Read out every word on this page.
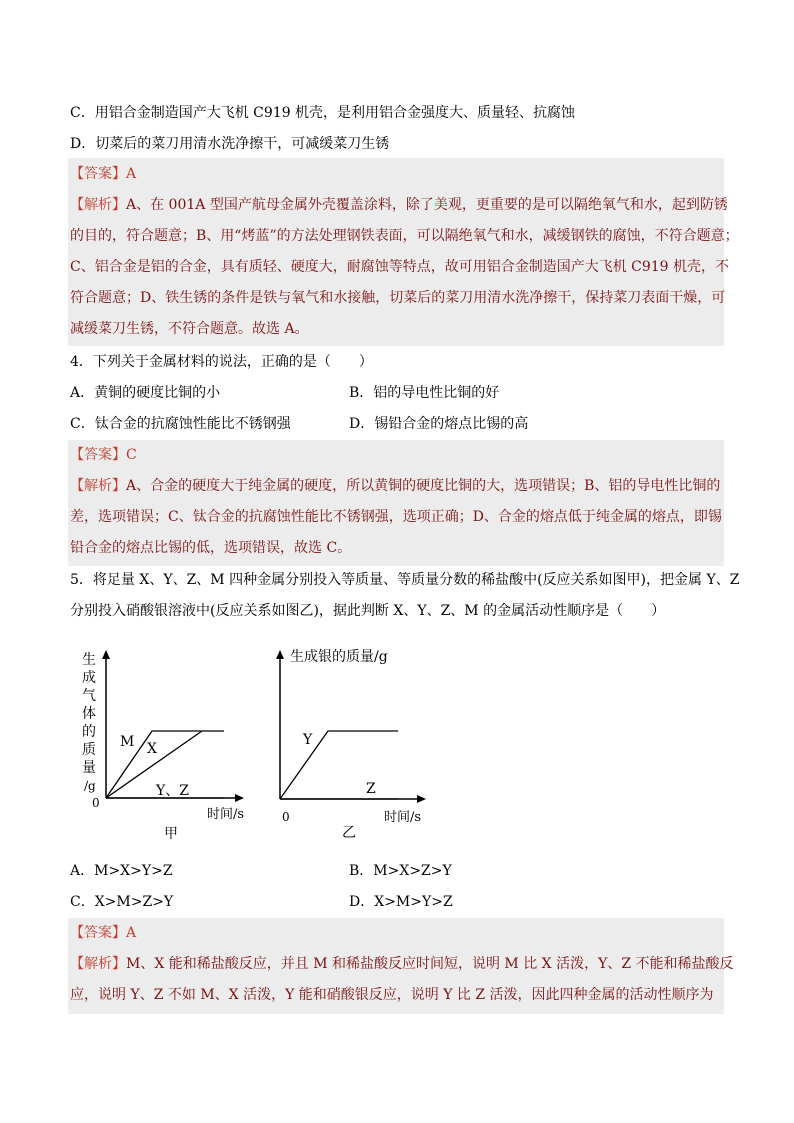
C．用铝合金制造国产大飞机 C919 机壳，是利用铝合金强度大、质量轻、抗腐蚀
D．切菜后的菜刀用清水洗净擦干，可减缓菜刀生锈
【答案】A
【解析】A、在 001A 型国产航母金属外壳覆盖涂料，除了美观，更重要的是可以隔绝氧气和水，起到防锈
的目的，符合题意；B、用“烤蓝”的方法处理钢铁表面，可以隔绝氧气和水，减缓钢铁的腐蚀，不符合题意；
C、铝合金是铝的合金，具有质轻、硬度大，耐腐蚀等特点，故可用铝合金制造国产大飞机 C919 机壳，不
符合题意；D、铁生锈的条件是铁与氧气和水接触，切菜后的菜刀用清水洗净擦干，保持菜刀表面干燥，可
减缓菜刀生锈，不符合题意。故选 A。
4．下列关于金属材料的说法，正确的是（　　）
A．黄铜的硬度比铜的小	B．铝的导电性比铜的好
C．钛合金的抗腐蚀性能比不锈钢强	D．锡铅合金的熔点比锡的高
【答案】C
【解析】A、合金的硬度大于纯金属的硬度，所以黄铜的硬度比铜的大，选项错误；B、铝的导电性比铜的
差，选项错误；C、钛合金的抗腐蚀性能比不锈钢强，选项正确；D、合金的熔点低于纯金属的熔点，即锡
铅合金的熔点比锡的低，选项错误，故选 C。
5．将足量 X、Y、Z、M 四种金属分别投入等质量、等质量分数的稀盐酸中(反应关系如图甲)，把金属 Y、Z
分别投入硝酸银溶液中(反应关系如图乙)，据此判断 X、Y、Z、M 的金属活动性顺序是（　　）
生
成
气
体
的
质
量
/g
M X
Y、Z
0
时间/s
甲
生成银的质量/g
Y
Z
0	时间/s
乙
A．M>X>Y>Z	B．M>X>Z>Y
C．X>M>Z>Y	D．X>M>Y>Z
【答案】A
【解析】M、X 能和稀盐酸反应，并且 M 和稀盐酸反应时间短，说明 M 比 X 活泼，Y、Z 不能和稀盐酸反
应，说明 Y、Z 不如 M、X 活泼，Y 能和硝酸银反应，说明 Y 比 Z 活泼，因此四种金属的活动性顺序为
